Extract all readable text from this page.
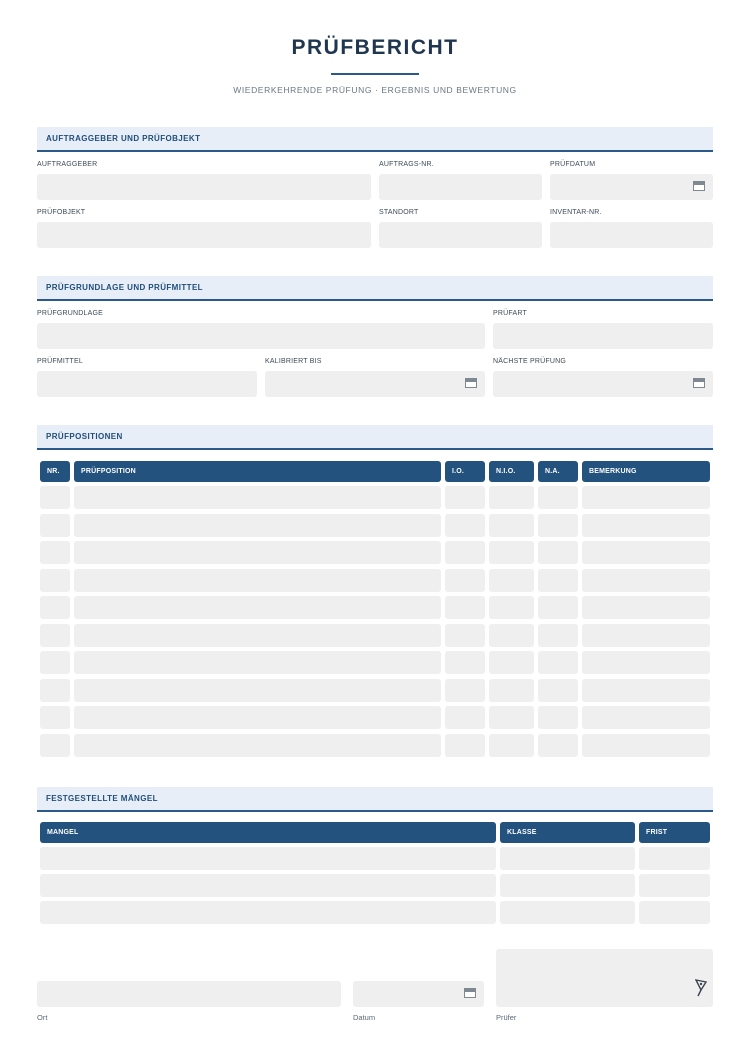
PRÜFBERICHT
WIEDERKEHRENDE PRÜFUNG · ERGEBNIS UND BEWERTUNG
AUFTRAGGEBER UND PRÜFOBJEKT
AUFTRAGGEBER	AUFTRAGS-NR.	PRÜFDATUM
PRÜFOBJEKT	STANDORT	INVENTAR-NR.
PRÜFGRUNDLAGE UND PRÜFMITTEL
PRÜFGRUNDLAGE	PRÜFART
PRÜFMITTEL	KALIBRIERT BIS	NÄCHSTE PRÜFUNG
PRÜFPOSITIONEN
NR.	PRÜFPOSITION	I.O.	N.I.O.	N.A.	BEMERKUNG
FESTGESTELLTE MÄNGEL
MANGEL	KLASSE	FRIST
Ort	Datum	Prüfer
